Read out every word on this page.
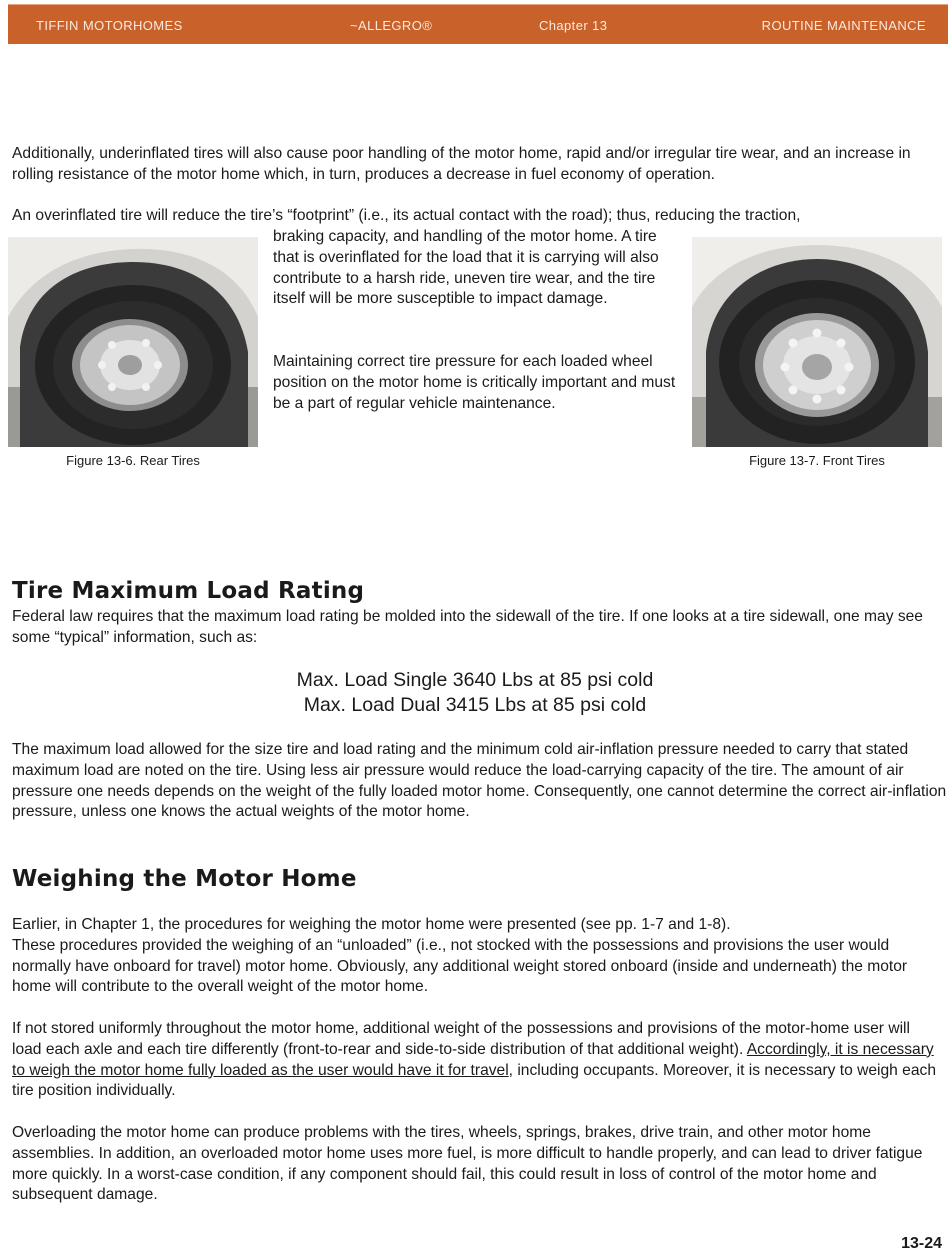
TIFFIN MOTORHOMES	~ALLEGRO®	Chapter 13	ROUTINE MAINTENANCE

Additionally, underinflated tires will also cause poor handling of the motor home, rapid and/or irregular tire wear, and an increase in rolling resistance of the motor home which, in turn, produces a decrease in fuel economy of operation.

An overinflated tire will reduce the tire’s “footprint” (i.e., its actual contact with the road); thus, reducing the traction,

braking capacity, and handling of the motor home. A tire that is overinflated for the load that it is carrying will also contribute to a harsh ride, uneven tire wear, and the tire itself will be more susceptible to impact damage.

Maintaining correct tire pressure for each loaded wheel position on the motor home is critically important and must be a part of regular vehicle maintenance.

Figure 13-6. Rear Tires	Figure 13-7. Front Tires
Tire Maximum Load Rating

Federal law requires that the maximum load rating be molded into the sidewall of the tire. If one looks at a tire sidewall, one may see some “typical” information, such as:

Max. Load Single 3640 Lbs at 85 psi cold
Max. Load Dual 3415 Lbs at 85 psi cold

The maximum load allowed for the size tire and load rating and the minimum cold air-inflation pressure needed to carry that stated maximum load are noted on the tire. Using less air pressure would reduce the load-carrying capacity of the tire. The amount of air pressure one needs depends on the weight of the fully loaded motor home. Consequently, one cannot determine the correct air-inflation pressure, unless one knows the actual weights of the motor home.

Weighing the Motor Home

Earlier, in Chapter 1, the procedures for weighing the motor home were presented (see pp. 1-7 and 1-8).
These procedures provided the weighing of an “unloaded” (i.e., not stocked with the possessions and provisions the user would normally have onboard for travel) motor home. Obviously, any additional weight stored onboard (inside and underneath) the motor home will contribute to the overall weight of the motor home.

If not stored uniformly throughout the motor home, additional weight of the possessions and provisions of the motor-home user will load each axle and each tire differently (front-to-rear and side-to-side distribution of that additional weight). Accordingly, it is necessary to weigh the motor home fully loaded as the user would have it for travel, including occupants. Moreover, it is necessary to weigh each tire position individually.

Overloading the motor home can produce problems with the tires, wheels, springs, brakes, drive train, and other motor home assemblies. In addition, an overloaded motor home uses more fuel, is more difficult to handle properly, and can lead to driver fatigue more quickly. In a worst-case condition, if any component should fail, this could result in loss of control of the motor home and subsequent damage.

13-24
